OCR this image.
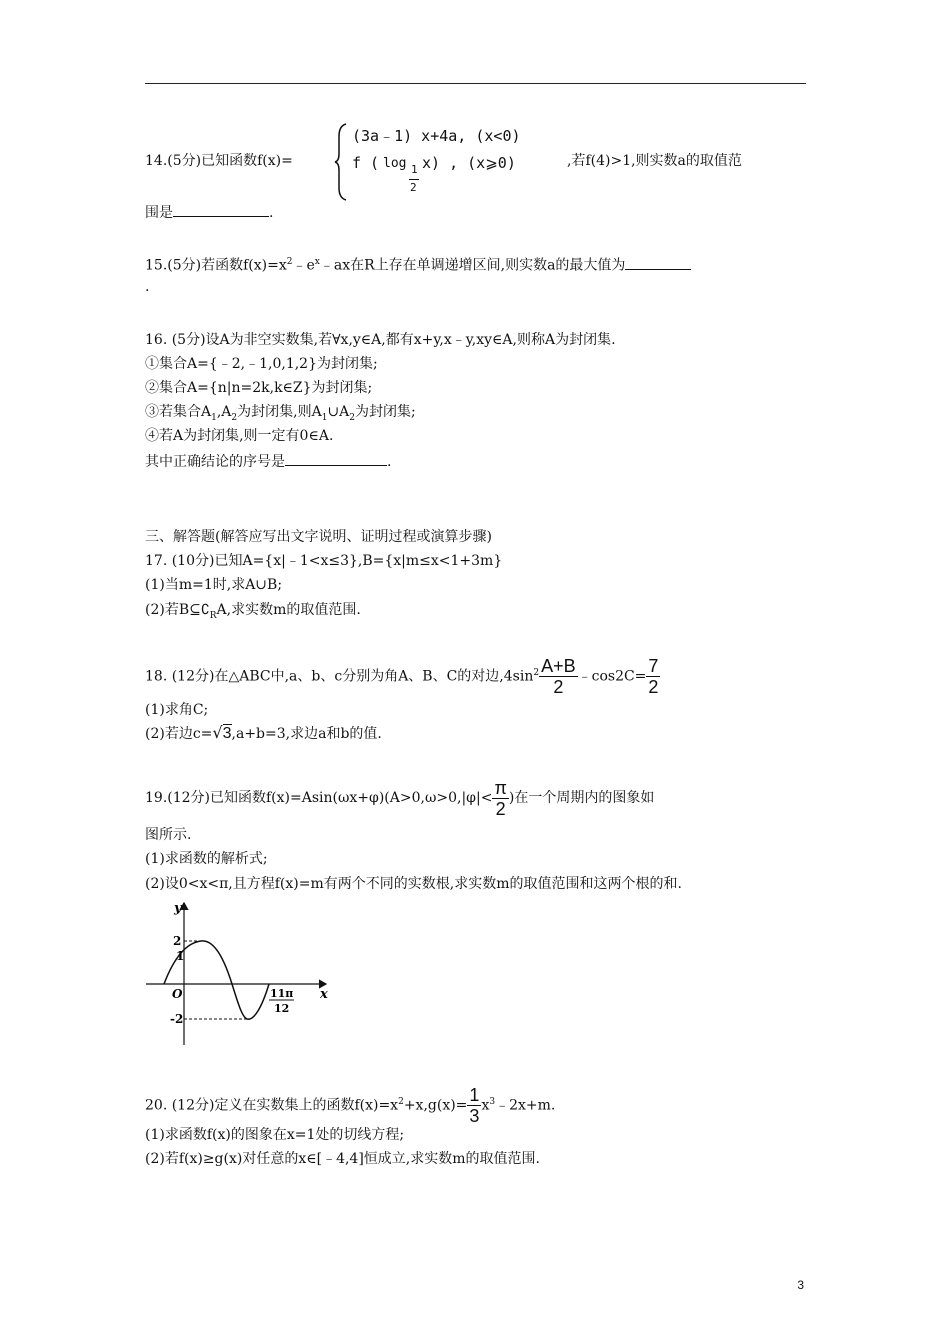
14.(5分)已知函数f(x)=
(3a﹣1) x+4a, (x<0)
f ( log 1
2
x) , (x⩾0)	,若f(4)>1,则实数a的取值范
围是	.
15.(5分)若函数$f(x)=x^2﹣e^x﹣ax$在R上存在单调递增区间,则实数a的最大值为
.
16. (5分)设A为非空实数集,若∀x,y∈A,都有x+y,x﹣y,xy∈A,则称A为封闭集.
①集合A={﹣2,﹣1,0,1,2}为封闭集;
②集合A={n|n=2k,k∈Z}为封闭集;
③若集合$A_1,A_2$为封闭集,则$A_1\cup A_2$为封闭集;
④若A为封闭集,则一定有0∈A.
其中正确结论的序号是	.
三、解答题(解答应写出文字说明、证明过程或演算步骤)
17. (10分)已知A={x|﹣1<x≤3},B={x|m≤x<1+3m}
(1)当m=1时,求A∪B;
(2)若$B⊆∁_RA$,求实数m的取值范围.
18. (12分)在△ABC中,a、b、c分别为角A、B、C的对边$,4\sin^2 \frac{A+B}{2}$ ﹣cos2C= $\frac{7}{2}$
(1)求角C;
(2)若边c=√3,a+b=3,求边a和b的值.
19.(12分)已知函数$f(x)=Asin(\omega x+\varphi)(A>0,\omega>0,|\varphi|< \frac{\pi}{2}$ )在一个周期内的图象如
图所示.
(1)求函数的解析式;
(2)设0<x<π,且方程f(x)=m有两个不同的实数根,求实数m的取值范围和这两个根的和.
y
x
O
2
1
-2
11π
12
20. (12分)定义在实数集上的函数$f(x)=x^2+x,g(x)= \frac{1}{3}$ $x^3﹣2x+m$.
(1)求函数f(x)的图象在x=1处的切线方程;
(2)若f(x)≥g(x)对任意的x∈[﹣4,4]恒成立,求实数m的取值范围.
3
